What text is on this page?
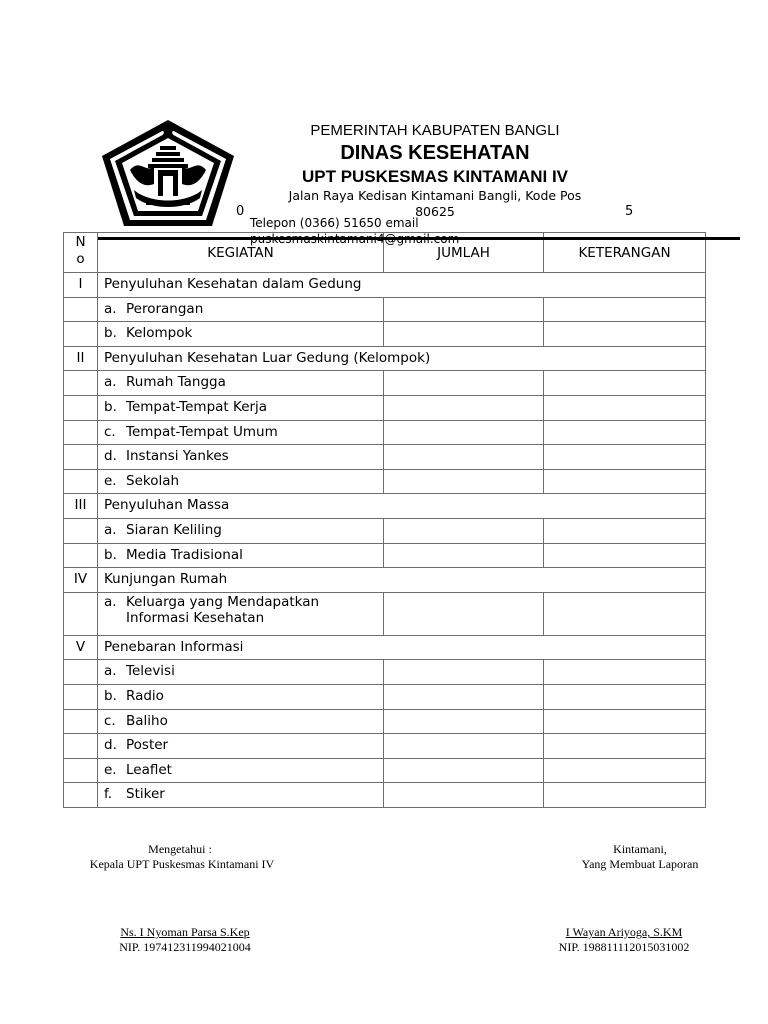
PEMERINTAH KABUPATEN BANGLI
DINAS KESEHATAN
UPT PUSKESMAS KINTAMANI IV
Jalan Raya Kedisan Kintamani Bangli, Kode Pos
80625
0	5
Telepon (0366) 51650 email
N o	KEGIATAN	JUMLAH	KETERANGAN
I	Penyuluhan Kesehatan dalam Gedung		

	a. Perorangan		

	b. Kelompok		

II	Penyuluhan Kesehatan Luar Gedung (Kelompok)		

	a. Rumah Tangga		

	b. Tempat-Tempat Kerja		

	c. Tempat-Tempat Umum		

	d. Instansi Yankes		

	e. Sekolah		

III	Penyuluhan Massa		

	a. Siaran Keliling		

	b. Media Tradisional		

IV	Kunjungan Rumah		

	a. Keluarga yang Mendapatkan Informasi Kesehatan		

V	Penebaran Informasi		

	a. Televisi		

	b. Radio		

	c. Baliho		

	d. Poster		

	e. Leaflet		

	f. Stiker		

Mengetahui :
Kepala UPT Puskesmas Kintamani IV
Ns. I Nyoman Parsa S.Kep
NIP. 197412311994021004
Kintamani,
Yang Membuat Laporan
I Wayan Ariyoga, S.KM
NIP. 198811112015031002
